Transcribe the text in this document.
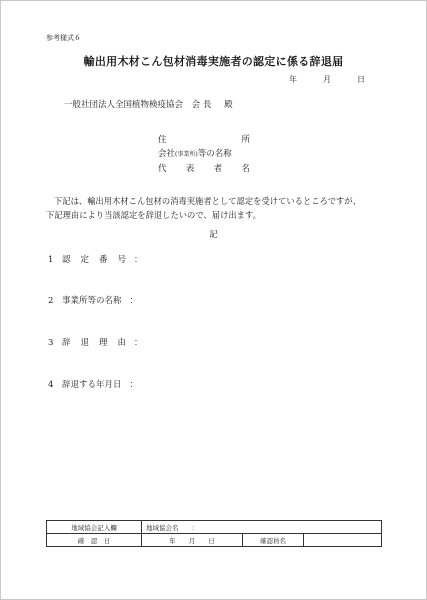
参考様式６
輸出用木材こん包材消毒実施者の認定に係る辞退届
年	月	日
一般社団法人全国植物検疫協会 会 長 殿
住	所
会社(事業所)等の名称
代 表 者 名
下記は、輸出用木材こん包材の消毒実施者として認定を受けているところですが、
下記理由により当該認定を辞退したいので、届け出ます。
記
1 認 定 番 号 ：
2 事業所等の名称 ：
3 辞 退 理 由 ：
4 辞退する年月日 ：
地域協会記入欄	地域協会名　　：		
確　認　日	年　　月　　日	確認員名	
